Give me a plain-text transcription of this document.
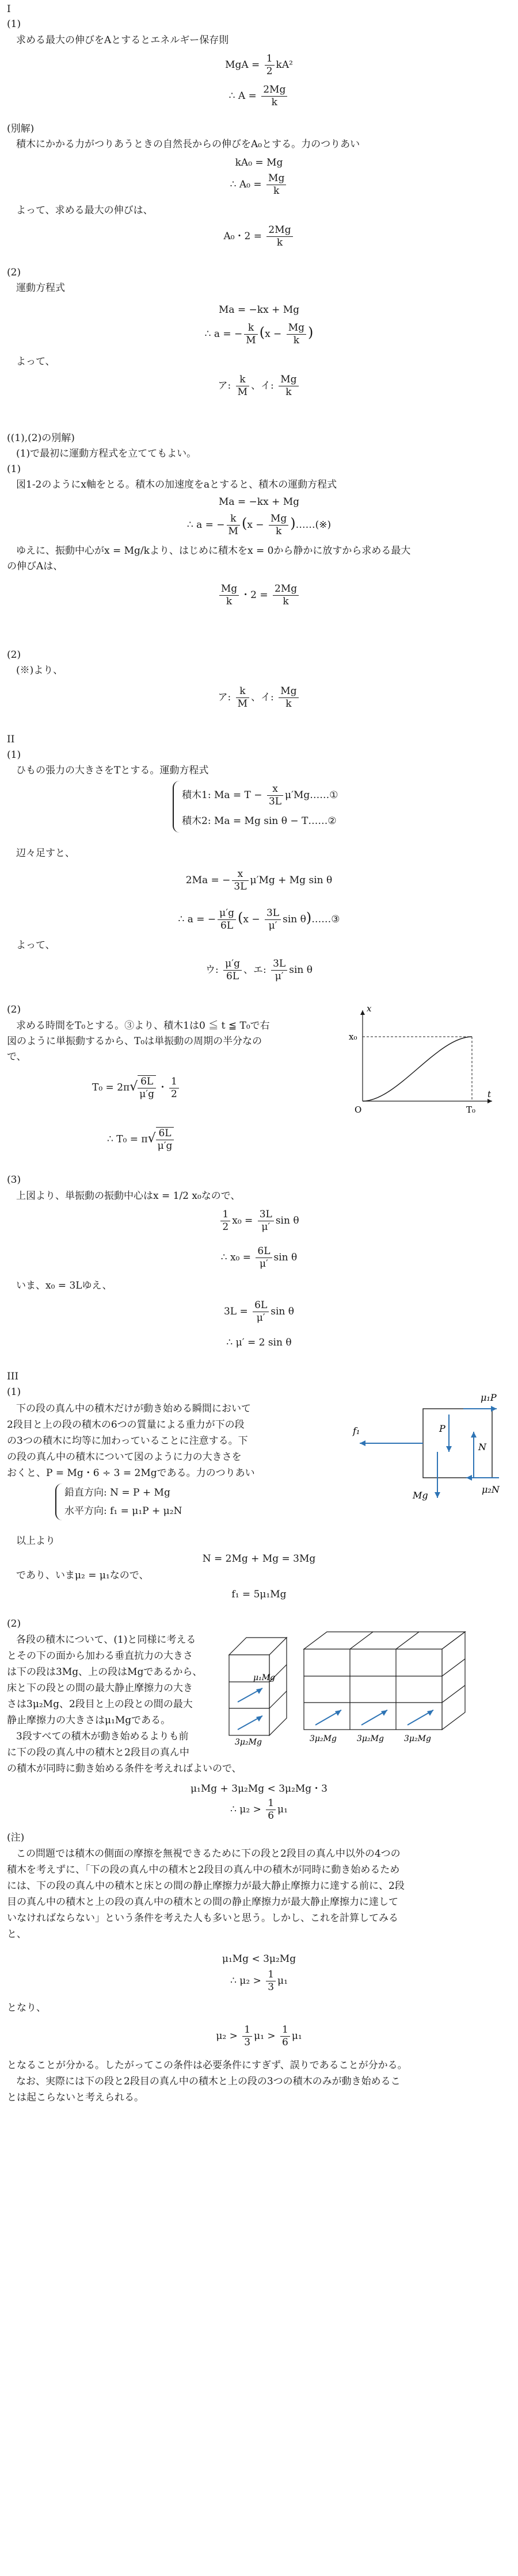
I
(1)
求める最大の伸びをAとするとエネルギー保存則
MgA = $\frac{1}{2} kA^2$
∴ $A = \frac{2Mg}{k}$
(別解)
積木にかかる力がつりあうときの自然長からの伸びをA₀とする。力のつりあい
kA₀ = Mg
∴ $A_0 = \frac{Mg}{k}$
よって、求める最大の伸びは、
A₀・$2 = \frac{2Mg}{k}$
(2)
運動方程式
Ma = −kx + Mg
∴ a = − $\frac{k}{M} (x - \frac{Mg}{k}$ )
よって、
ア: $\frac{k}{M}$ 、イ: $\frac{Mg}{k}$
((1),(2)の別解)
(1)で最初に運動方程式を立ててもよい。
(1)
図1-2のようにx軸をとる。積木の加速度をaとすると、積木の運動方程式
Ma = −kx + Mg
∴ a = − $\frac{k}{M} (x - \frac{Mg}{k}$ )……(※)
ゆえに、振動中心がx = Mg/kより、はじめに積木をx = 0から静かに放すから求める最大
の伸びAは、
$\frac{Mg}{k}$ ・$2 = \frac{2Mg}{k}$
(2)
(※)より、
ア: $\frac{k}{M}$ 、イ: $\frac{Mg}{k}$
II
(1)
ひもの張力の大きさをTとする。運動方程式
積木1: $Ma = T - \frac{x}{3L}$ μ′Mg……①
積木2: Ma = Mg sin θ − T……②
辺々足すと、
2Ma = − $\frac{x}{3L} \mu'Mg + Mg$ sin θ
∴ a = − $\frac{\mu'g}{6L} (x - \frac{3L}{\mu'}$ sin θ)……③
よって、
ウ: $\frac{\mu'g}{6L}$ 、エ: $\frac{3L}{\mu'}$ sin θ
(2)
求める時間をT₀とする。③より、積木1は0 ≦ t ≦ T₀で右
図のように単振動するから、T₀は単振動の周期の半分なの
で、
$T_0 = 2\pi√ \frac{6L}{\mu'g}$ ・ $\frac{1}{2}$
∴ $T_0 = \pi√ \frac{6L}{\mu'g}$
x
t
x₀
O	T₀
(3)
上図より、単振動の振動中心はx = 1/2 x₀なので、
$\frac{1}{2} x_0 = \frac{3L}{\mu'}$ sin θ
∴ $x_0 = \frac{6L}{\mu'}$ sin θ
いま、x₀ = 3Lゆえ、
$3L = \frac{6L}{\mu'}$ sin θ
∴ μ′ = 2 sin θ
III
(1)
下の段の真ん中の積木だけが動き始める瞬間において
2段目と上の段の積木の6つの質量による重力が下の段
の3つの積木に均等に加わっていることに注意する。下
の段の真ん中の積木について図のように力の大きさを
おくと、P = Mg・6 ÷ 3 = 2Mgである。力のつりあい
鉛直方向: N = P + Mg
水平方向: f₁ = μ₁P + μ₂N
f₁
μ₁P
P
N
Mg
μ₂N
以上より
N = 2Mg + Mg = 3Mg
であり、いまμ₂ = μ₁なので、
f₁ = 5μ₁Mg
(2)
各段の積木について、(1)と同様に考える
とその下の面から加わる垂直抗力の大きさ
は下の段は3Mg、上の段はMgであるから、
床と下の段との間の最大静止摩擦力の大き
さは3μ₂Mg、2段目と上の段との間の最大
静止摩擦力の大きさはμ₁Mgである。
3段すべての積木が動き始めるよりも前
に下の段の真ん中の積木と2段目の真ん中
の積木が同時に動き始める条件を考えればよいので、
μ₁Mg
3μ₂Mg	3μ₂Mg	3μ₂Mg	3μ₂Mg
μ₁Mg + 3μ₂Mg < 3μ₂Mg・3
∴ $\mu_2 > \frac{1}{6} \mu_1$
(注)
この問題では積木の側面の摩擦を無視できるために下の段と2段目の真ん中以外の4つの
積木を考えずに、「下の段の真ん中の積木と2段目の真ん中の積木が同時に動き始めるため
には、下の段の真ん中の積木と床との間の静止摩擦力が最大静止摩擦力に達する前に、2段
目の真ん中の積木と上の段の真ん中の積木との間の静止摩擦力が最大静止摩擦力に達して
いなければならない」という条件を考えた人も多いと思う。しかし、これを計算してみる
と、
μ₁Mg < 3μ₂Mg
∴ $\mu_2 > \frac{1}{3} \mu_1$
となり、
$\mu_2 > \frac{1}{3} \mu_1 > \frac{1}{6} \mu_1$
となることが分かる。したがってこの条件は必要条件にすぎず、誤りであることが分かる。
なお、実際には下の段と2段目の真ん中の積木と上の段の3つの積木のみが動き始めるこ
とは起こらないと考えられる。
